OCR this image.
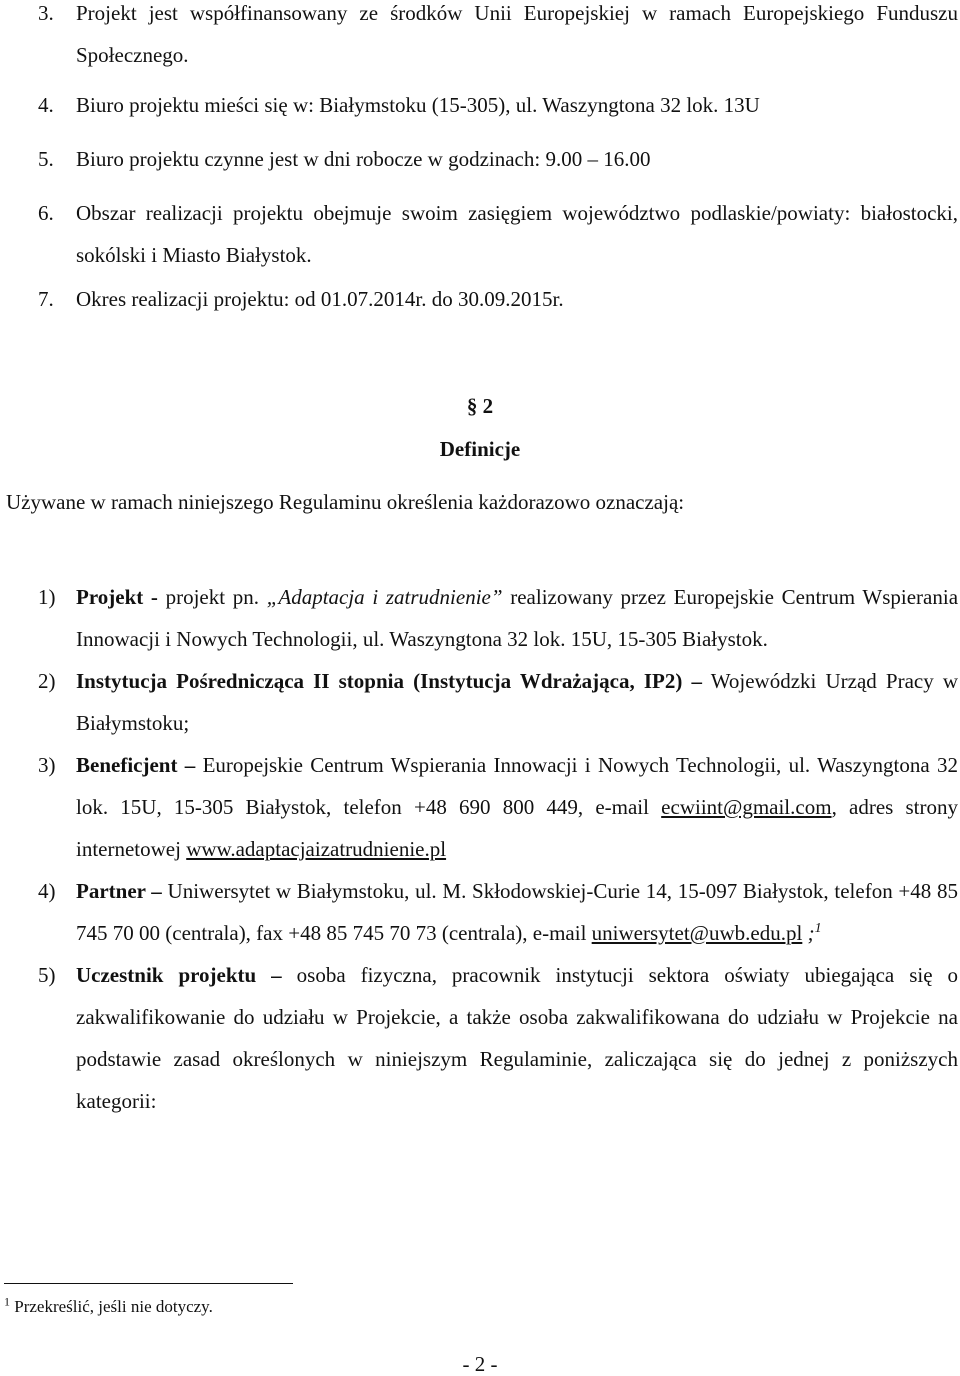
3. Projekt jest współfinansowany ze środków Unii Europejskiej w ramach Europejskiego Funduszu Społecznego.
4. Biuro projektu mieści się w: Białymstoku (15-305), ul. Waszyngtona 32 lok. 13U
5. Biuro projektu czynne jest w dni robocze w godzinach: 9.00 – 16.00
6. Obszar realizacji projektu obejmuje swoim zasięgiem województwo podlaskie/powiaty: białostocki, sokólski i Miasto Białystok.
7. Okres realizacji projektu: od 01.07.2014r. do 30.09.2015r.
§ 2
Definicje
Używane w ramach niniejszego Regulaminu określenia każdorazowo oznaczają:
1) Projekt - projekt pn. „Adaptacja i zatrudnienie” realizowany przez Europejskie Centrum Wspierania Innowacji i Nowych Technologii, ul. Waszyngtona 32 lok. 15U, 15-305 Białystok.
2) Instytucja Pośrednicząca II stopnia (Instytucja Wdrażająca, IP2) – Wojewódzki Urząd Pracy w Białymstoku;
3) Beneficjent – Europejskie Centrum Wspierania Innowacji i Nowych Technologii, ul. Waszyngtona 32 lok. 15U, 15-305 Białystok, telefon +48 690 800 449, e-mail ecwiint@gmail.com, adres strony internetowej www.adaptacjaizatrudnienie.pl
4) Partner – Uniwersytet w Białymstoku, ul. M. Skłodowskiej-Curie 14, 15-097 Białystok, telefon +48 85 745 70 00 (centrala), fax +48 85 745 70 73 (centrala), e-mail uniwersytet@uwb.edu.pl ;$^1$
5) Uczestnik projektu – osoba fizyczna, pracownik instytucji sektora oświaty ubiegająca się o zakwalifikowanie do udziału w Projekcie, a także osoba zakwalifikowana do udziału w Projekcie na podstawie zasad określonych w niniejszym Regulaminie, zaliczająca się do jednej z poniższych kategorii:
$^1$ Przekreślić, jeśli nie dotyczy.
- 2 -
